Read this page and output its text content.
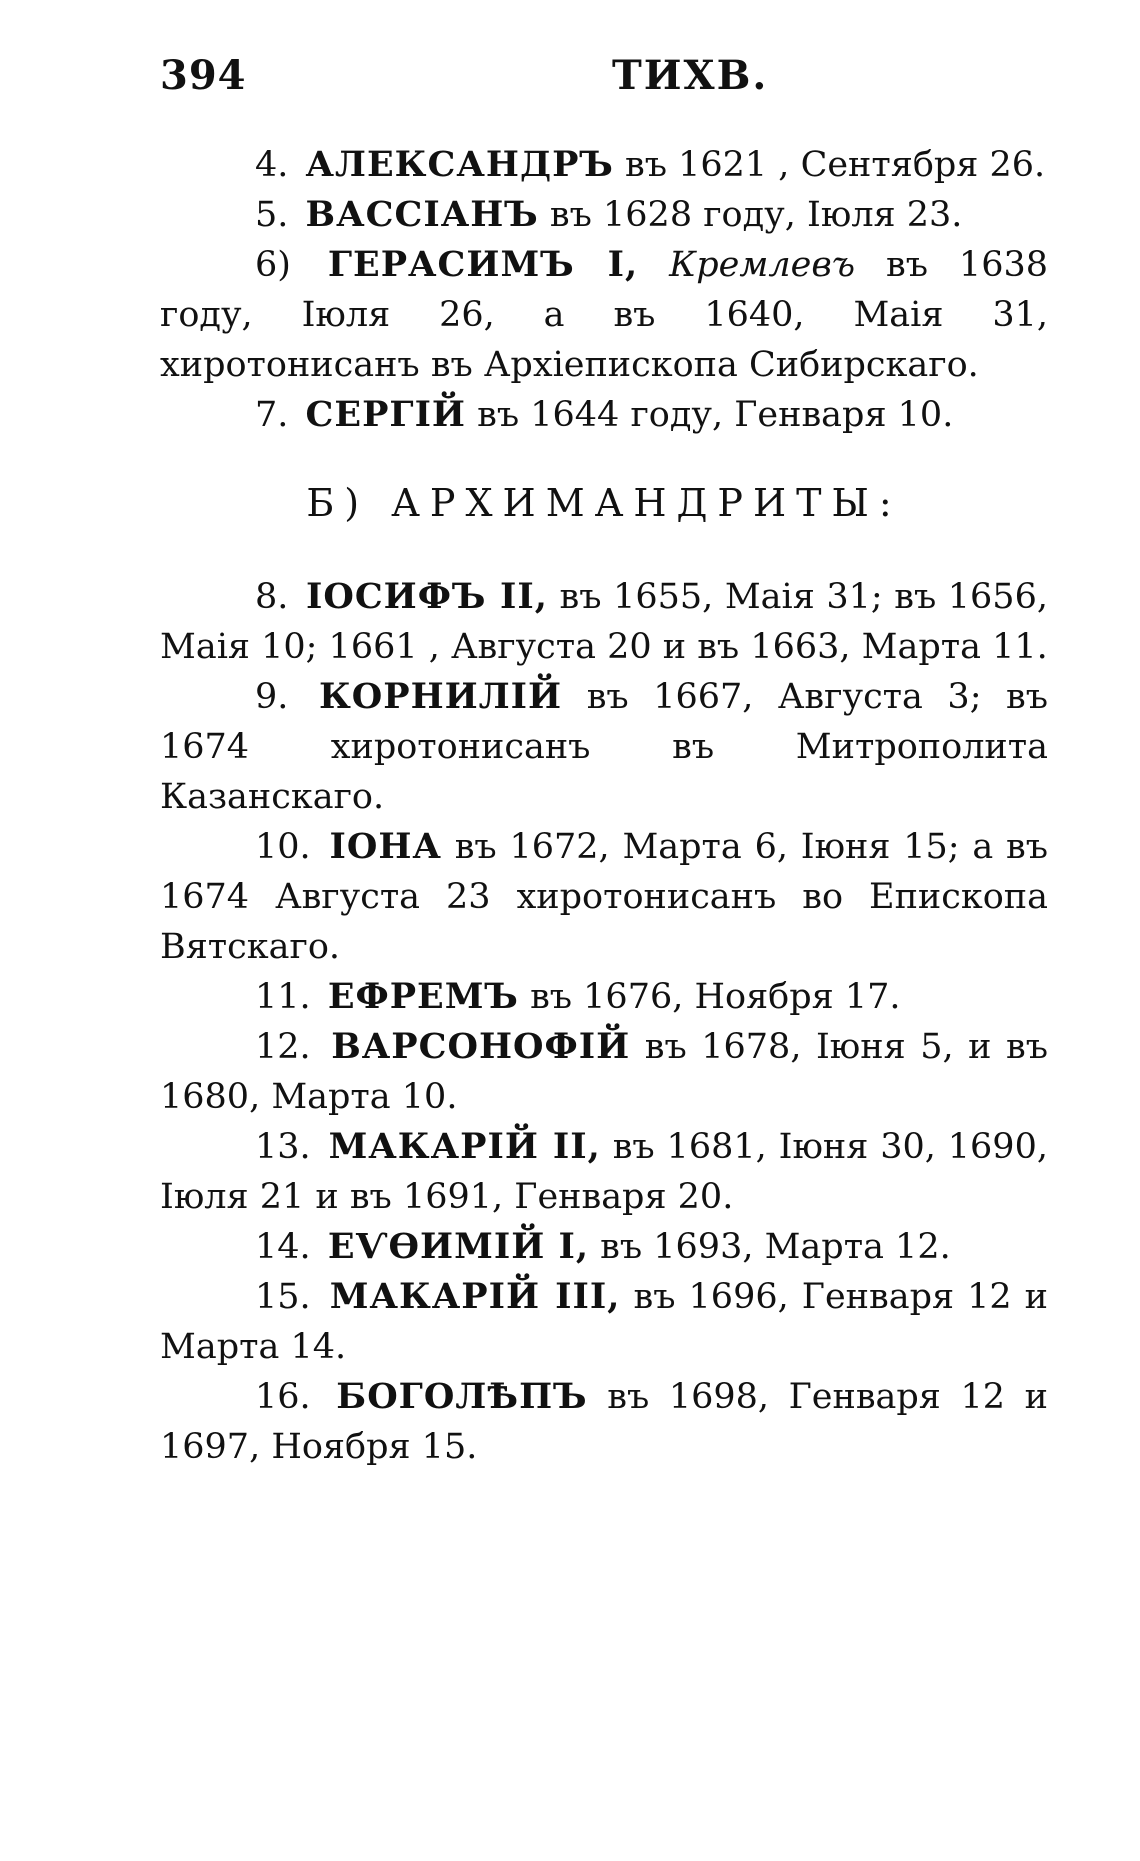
394	ТИХВ.

4. АЛЕКСАНДРЪ въ 1621 , Сентября 26.

5. ВАССІАНЪ въ 1628 году, Іюля 23.

6) ГЕРАСИМЪ I, Кремлевъ въ 1638 году, Іюля 26, а въ 1640, Маія 31, хиротонисанъ въ Архіепископа Сибирскаго.

7. СЕРГІЙ въ 1644 году, Генваря 10.

Б) АРХИМАНДРИТЫ:

8. ІОСИФЪ II, въ 1655, Маія 31; въ 1656, Маія 10; 1661 , Августа 20 и въ 1663, Марта 11.

9. КОРНИЛІЙ въ 1667, Августа 3; въ 1674 хиротонисанъ въ Митрополита Казанскаго.

10. ІОНА въ 1672, Марта 6, Іюня 15; а въ 1674 Августа 23 хиротонисанъ во Епископа Вятскаго.

11. ЕФРЕМЪ въ 1676, Ноября 17.

12. ВАРСОНОФІЙ въ 1678, Іюня 5, и въ 1680, Марта 10.

13. МАКАРІЙ II, въ 1681, Іюня 30, 1690, Іюля 21 и въ 1691, Генваря 20.

14. ЕѴѲИМІЙ I, въ 1693, Марта 12.

15. МАКАРІЙ III, въ 1696, Генваря 12 и Марта 14.

16. БОГОЛѢПЪ въ 1698, Генваря 12 и 1697, Ноября 15.
